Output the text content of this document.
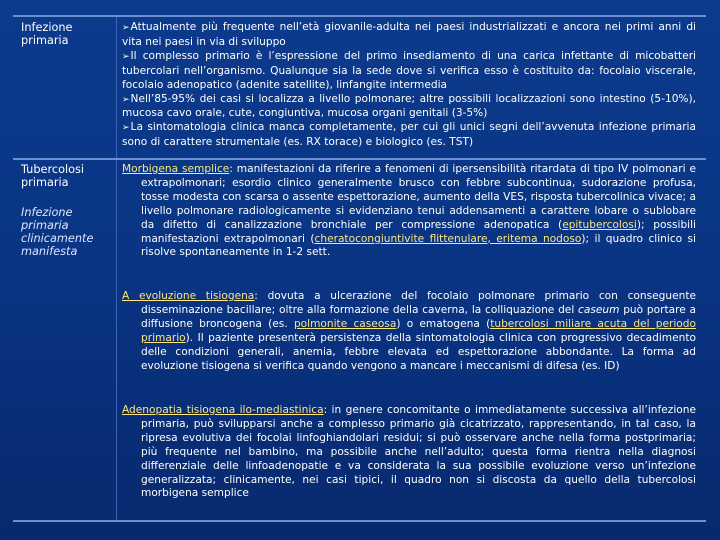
Infezione primaria

➢Attualmente più frequente nell’età giovanile-adulta nei paesi industrializzati e ancora nei primi anni di vita nei paesi in via di sviluppo

➢Il complesso primario è l’espressione del primo insediamento di una carica infettante di micobatteri tubercolari nell’organismo. Qualunque sia la sede dove si verifica esso è costituito da: focolaio viscerale, focolaio adenopatico (adenite satellite), linfangite intermedia

➢Nell’85-95% dei casi si localizza a livello polmonare; altre possibili localizzazioni sono intestino (5-10%), mucosa cavo orale, cute, congiuntiva, mucosa organi genitali (3-5%)

➢La sintomatologia clinica manca completamente, per cui gli unici segni dell’avvenuta infezione primaria sono di carattere strumentale (es. RX torace) e biologico (es. TST)

Tubercolosi primaria
Infezione primaria clinicamente manifesta

Morbigena semplice: manifestazioni da riferire a fenomeni di ipersensibilità ritardata di tipo IV polmonari e extrapolmonari; esordio clinico generalmente brusco con febbre subcontinua, sudorazione profusa, tosse modesta con scarsa o assente espettorazione, aumento della VES, risposta tubercolinica vivace; a livello polmonare radiologicamente si evidenziano tenui addensamenti a carattere lobare o sublobare da difetto di canalizzazione bronchiale per compressione adenopatica (epitubercolosi); possibili manifestazioni extrapolmonari (cheratocongiuntivite flittenulare, eritema nodoso); il quadro clinico si risolve spontaneamente in 1-2 sett.

A evoluzione tisiogena: dovuta a ulcerazione del focolaio polmonare primario con conseguente disseminazione bacillare; oltre alla formazione della caverna, la colliquazione del caseum può portare a diffusione broncogena (es. polmonite caseosa) o ematogena (tubercolosi miliare acuta del periodo primario). Il paziente presenterà persistenza della sintomatologia clinica con progressivo decadimento delle condizioni generali, anemia, febbre elevata ed espettorazione abbondante. La forma ad evoluzione tisiogena si verifica quando vengono a mancare i meccanismi di difesa (es. ID)

Adenopatia tisiogena ilo-mediastinica: in genere concomitante o immediatamente successiva all’infezione primaria, può svilupparsi anche a complesso primario già cicatrizzato, rappresentando, in tal caso, la ripresa evolutiva dei focolai linfoghiandolari residui; si può osservare anche nella forma postprimaria; più frequente nel bambino, ma possibile anche nell’adulto; questa forma rientra nella diagnosi differenziale delle linfoadenopatie e va considerata la sua possibile evoluzione verso un’infezione generalizzata; clinicamente, nei casi tipici, il quadro non si discosta da quello della tubercolosi morbigena semplice
